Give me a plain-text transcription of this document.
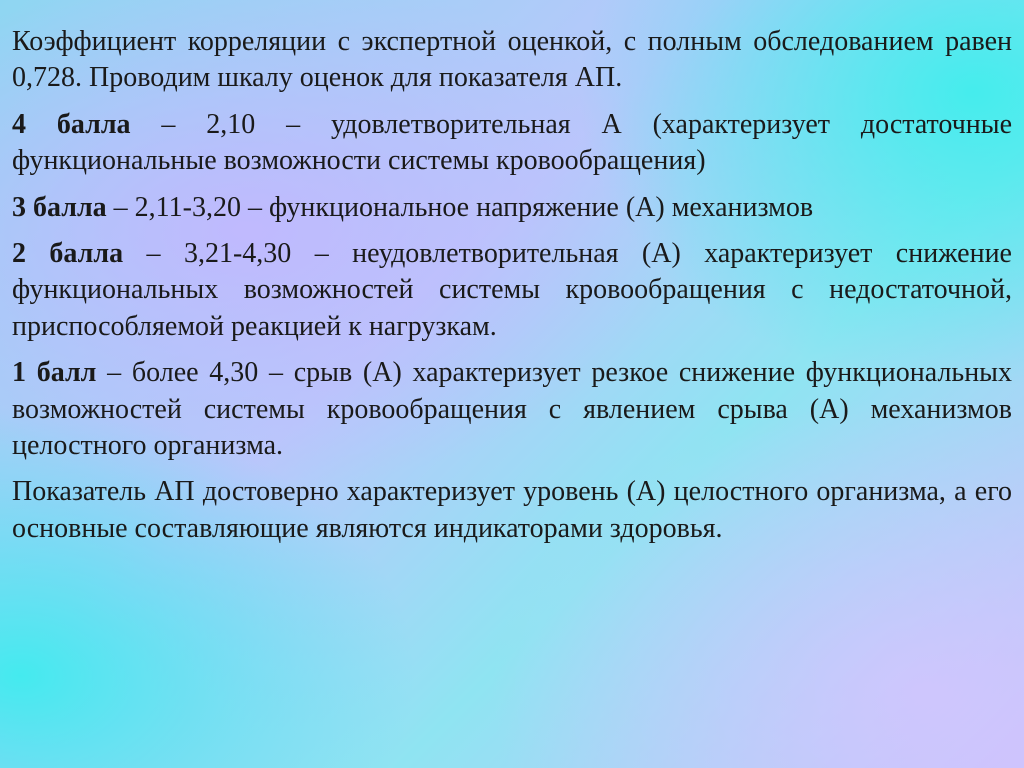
Коэффициент корреляции с экспертной оценкой, с полным обследованием равен 0,728. Проводим шкалу оценок для показателя АП.

4 балла – 2,10 – удовлетворительная А (характеризует достаточные функциональные возможности системы кровообращения)

3 балла – 2,11-3,20 – функциональное напряжение (А) механизмов

2 балла – 3,21-4,30 – неудовлетворительная (А) характеризует снижение функциональных возможностей системы кровообращения с недостаточной, приспособляемой реакцией к нагрузкам.

1 балл – более 4,30 – срыв (А) характеризует резкое снижение функциональных возможностей системы кровообращения с явлением срыва (А) механизмов целостного организма.

Показатель АП достоверно характеризует уровень (А) целостного организма, а его основные составляющие являются индикаторами здоровья.
